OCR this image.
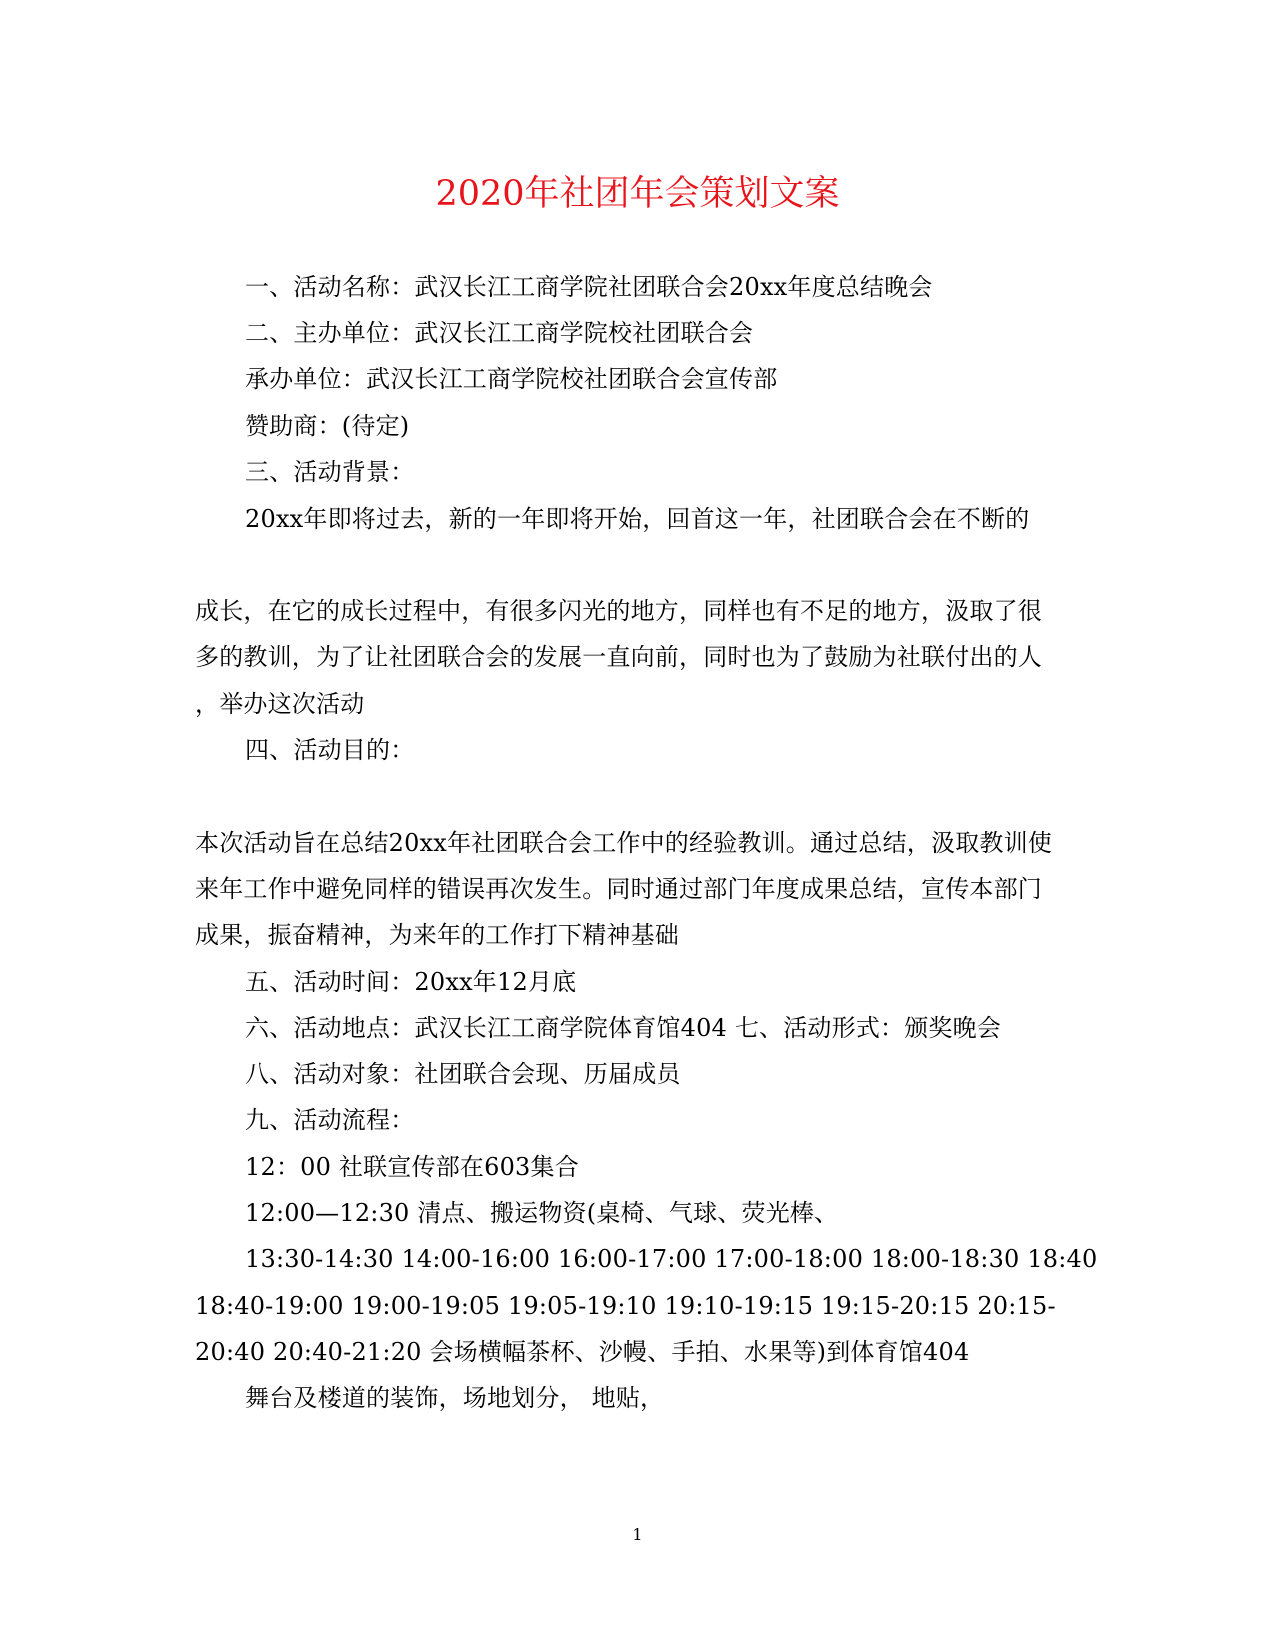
2020年社团年会策划文案
一、活动名称：武汉长江工商学院社团联合会20xx年度总结晚会
二、主办单位：武汉长江工商学院校社团联合会
承办单位：武汉长江工商学院校社团联合会宣传部
赞助商：(待定)
三、活动背景：
20xx年即将过去，新的一年即将开始，回首这一年，社团联合会在不断的
成长，在它的成长过程中，有很多闪光的地方，同样也有不足的地方，汲取了很
多的教训，为了让社团联合会的发展一直向前，同时也为了鼓励为社联付出的人
，举办这次活动
四、活动目的：
本次活动旨在总结20xx年社团联合会工作中的经验教训。通过总结，汲取教训使
来年工作中避免同样的错误再次发生。同时通过部门年度成果总结，宣传本部门
成果，振奋精神，为来年的工作打下精神基础
五、活动时间：20xx年12月底
六、活动地点：武汉长江工商学院体育馆404 七、活动形式：颁奖晚会
八、活动对象：社团联合会现、历届成员
九、活动流程：
12：00 社联宣传部在603集合
12:00—12:30 清点、搬运物资(桌椅、气球、荧光棒、
13:30-14:30 14:00-16:00 16:00-17:00 17:00-18:00 18:00-18:30 18:40
18:40-19:00 19:00-19:05 19:05-19:10 19:10-19:15 19:15-20:15 20:15-
20:40 20:40-21:20 会场横幅茶杯、沙幔、手拍、水果等)到体育馆404
舞台及楼道的装饰，场地划分， 地贴，
1
